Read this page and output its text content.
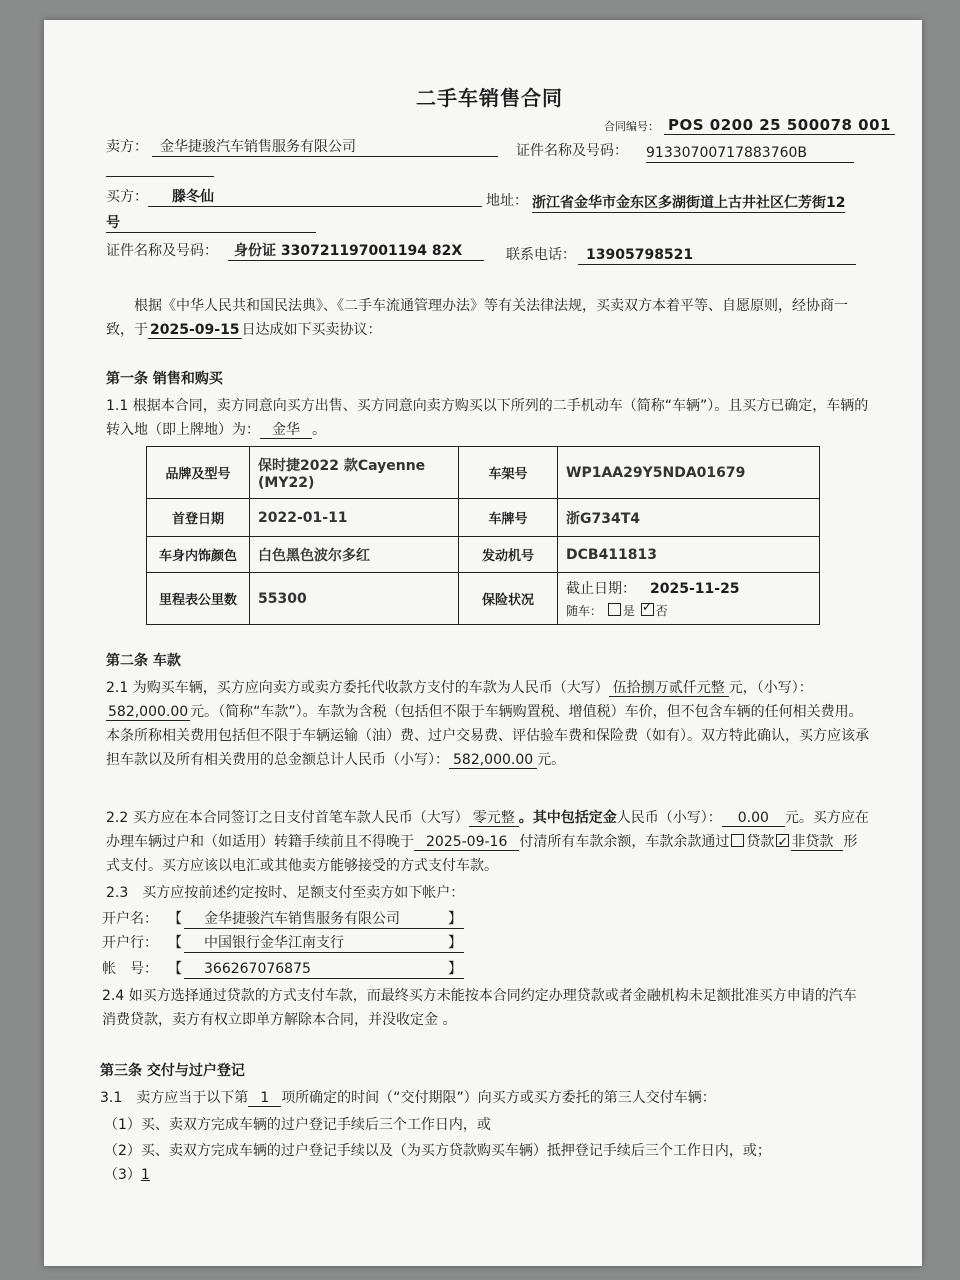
二手车销售合同
合同编号： POS 0200 25 500078 001
卖方： 金华捷骏汽车销售服务有限公司	证件名称及号码： 91330700717883760B
买方：	滕冬仙	地址： 浙江省金华市金东区多湖街道上古井社区仁芳街12
号
证件名称及号码：	身份证 330721197001194 82X	联系电话： 13905798521
根据《中华人民共和国民法典》、《二手车流通管理办法》等有关法律法规，买卖双方本着平等、自愿原则，经协商一致，于 2025-09-15 日达成如下买卖协议：
第一条 销售和购买
1.1 根据本合同，卖方同意向买方出售、买方同意向卖方购买以下所列的二手机动车（简称“车辆”）。且买方已确定，车辆的转入地（即上牌地）为： 金华 。
品牌及型号	保时捷2022 款Cayenne (MY22)	车架号	WP1AA29Y5NDA01679
首登日期	2022-01-11	车牌号	浙G734T4
车身内饰颜色	白色黑色波尔多红	发动机号	DCB411813
里程表公里数	55300	保险状况	截止日期： 2025-11-25
随车： 是 ✓ 否
第二条 车款
2.1 为购买车辆，买方应向卖方或卖方委托代收款方支付的车款为人民币（大写） 伍拾捌万贰仟元整 元，（小写）：582,000.00 元。（简称“车款”）。车款为含税（包括但不限于车辆购置税、增值税）车价，但不包含车辆的任何相关费用。本条所称相关费用包括但不限于车辆运输（油）费、过户交易费、评估验车费和保险费（如有）。双方特此确认，买方应该承担车款以及所有相关费用的总金额总计人民币（小写）： 582,000.00 元。
2.2 买方应在本合同签订之日支付首笔车款人民币（大写） 零元整 。其中包括定金人民币（小写）： 0.00 元。买方应在办理车辆过户和（如适用）转籍手续前且不得晚于 2025-09-16 付清所有车款余额，车款余款通过 贷款 ✓ 非贷款 形式支付。买方应该以电汇或其他卖方能够接受的方式支付车款。
2.3　买方应按前述约定按时、足额支付至卖方如下帐户：
开户名： 【	金华捷骏汽车销售服务有限公司	】
开户行： 【	中国银行金华江南支行	】
帐　号： 【	366267076875	】
2.4 如买方选择通过贷款的方式支付车款，而最终买方未能按本合同约定办理贷款或者金融机构未足额批准买方申请的汽车消费贷款，卖方有权立即单方解除本合同，并没收定金 。
第三条 交付与过户登记
3.1　卖方应当于以下第 1 项所确定的时间（“交付期限”）向买方或买方委托的第三人交付车辆：
（1）买、卖双方完成车辆的过户登记手续后三个工作日内，或
（2）买、卖双方完成车辆的过户登记手续以及（为买方贷款购买车辆）抵押登记手续后三个工作日内，或；
（3）1
